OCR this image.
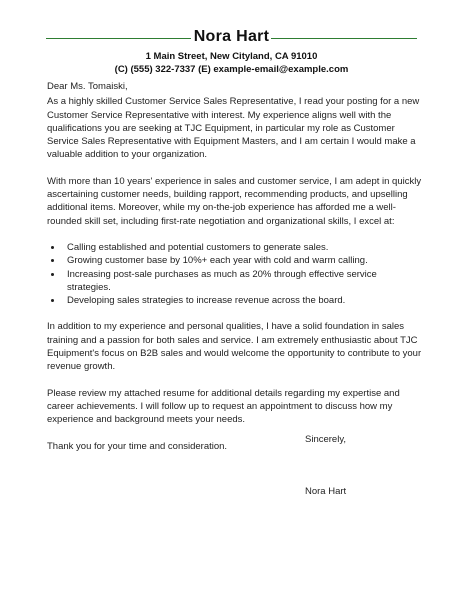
Nora Hart
1 Main Street, New Cityland, CA 91010
(C) (555) 322-7337 (E) example-email@example.com

Dear Ms. Tomaiski,

As a highly skilled Customer Service Sales Representative, I read your posting for a new Customer Service Representative with interest. My experience aligns well with the qualifications you are seeking at TJC Equipment, in particular my role as Customer Service Sales Representative with Equipment Masters, and I am certain I would make a valuable addition to your organization.

With more than 10 years' experience in sales and customer service, I am adept in quickly ascertaining customer needs, building rapport, recommending products, and upselling additional items. Moreover, while my on-the-job experience has afforded me a well-rounded skill set, including first-rate negotiation and organizational skills, I excel at:

• Calling established and potential customers to generate sales.
• Growing customer base by 10%+ each year with cold and warm calling.
• Increasing post-sale purchases as much as 20% through effective service strategies.
• Developing sales strategies to increase revenue across the board.

In addition to my experience and personal qualities, I have a solid foundation in sales training and a passion for both sales and service. I am extremely enthusiastic about TJC Equipment's focus on B2B sales and would welcome the opportunity to contribute to your revenue growth.

Please review my attached resume for additional details regarding my expertise and career achievements. I will follow up to request an appointment to discuss how my experience and background meets your needs.

Thank you for your time and consideration.

Sincerely,
Nora Hart
